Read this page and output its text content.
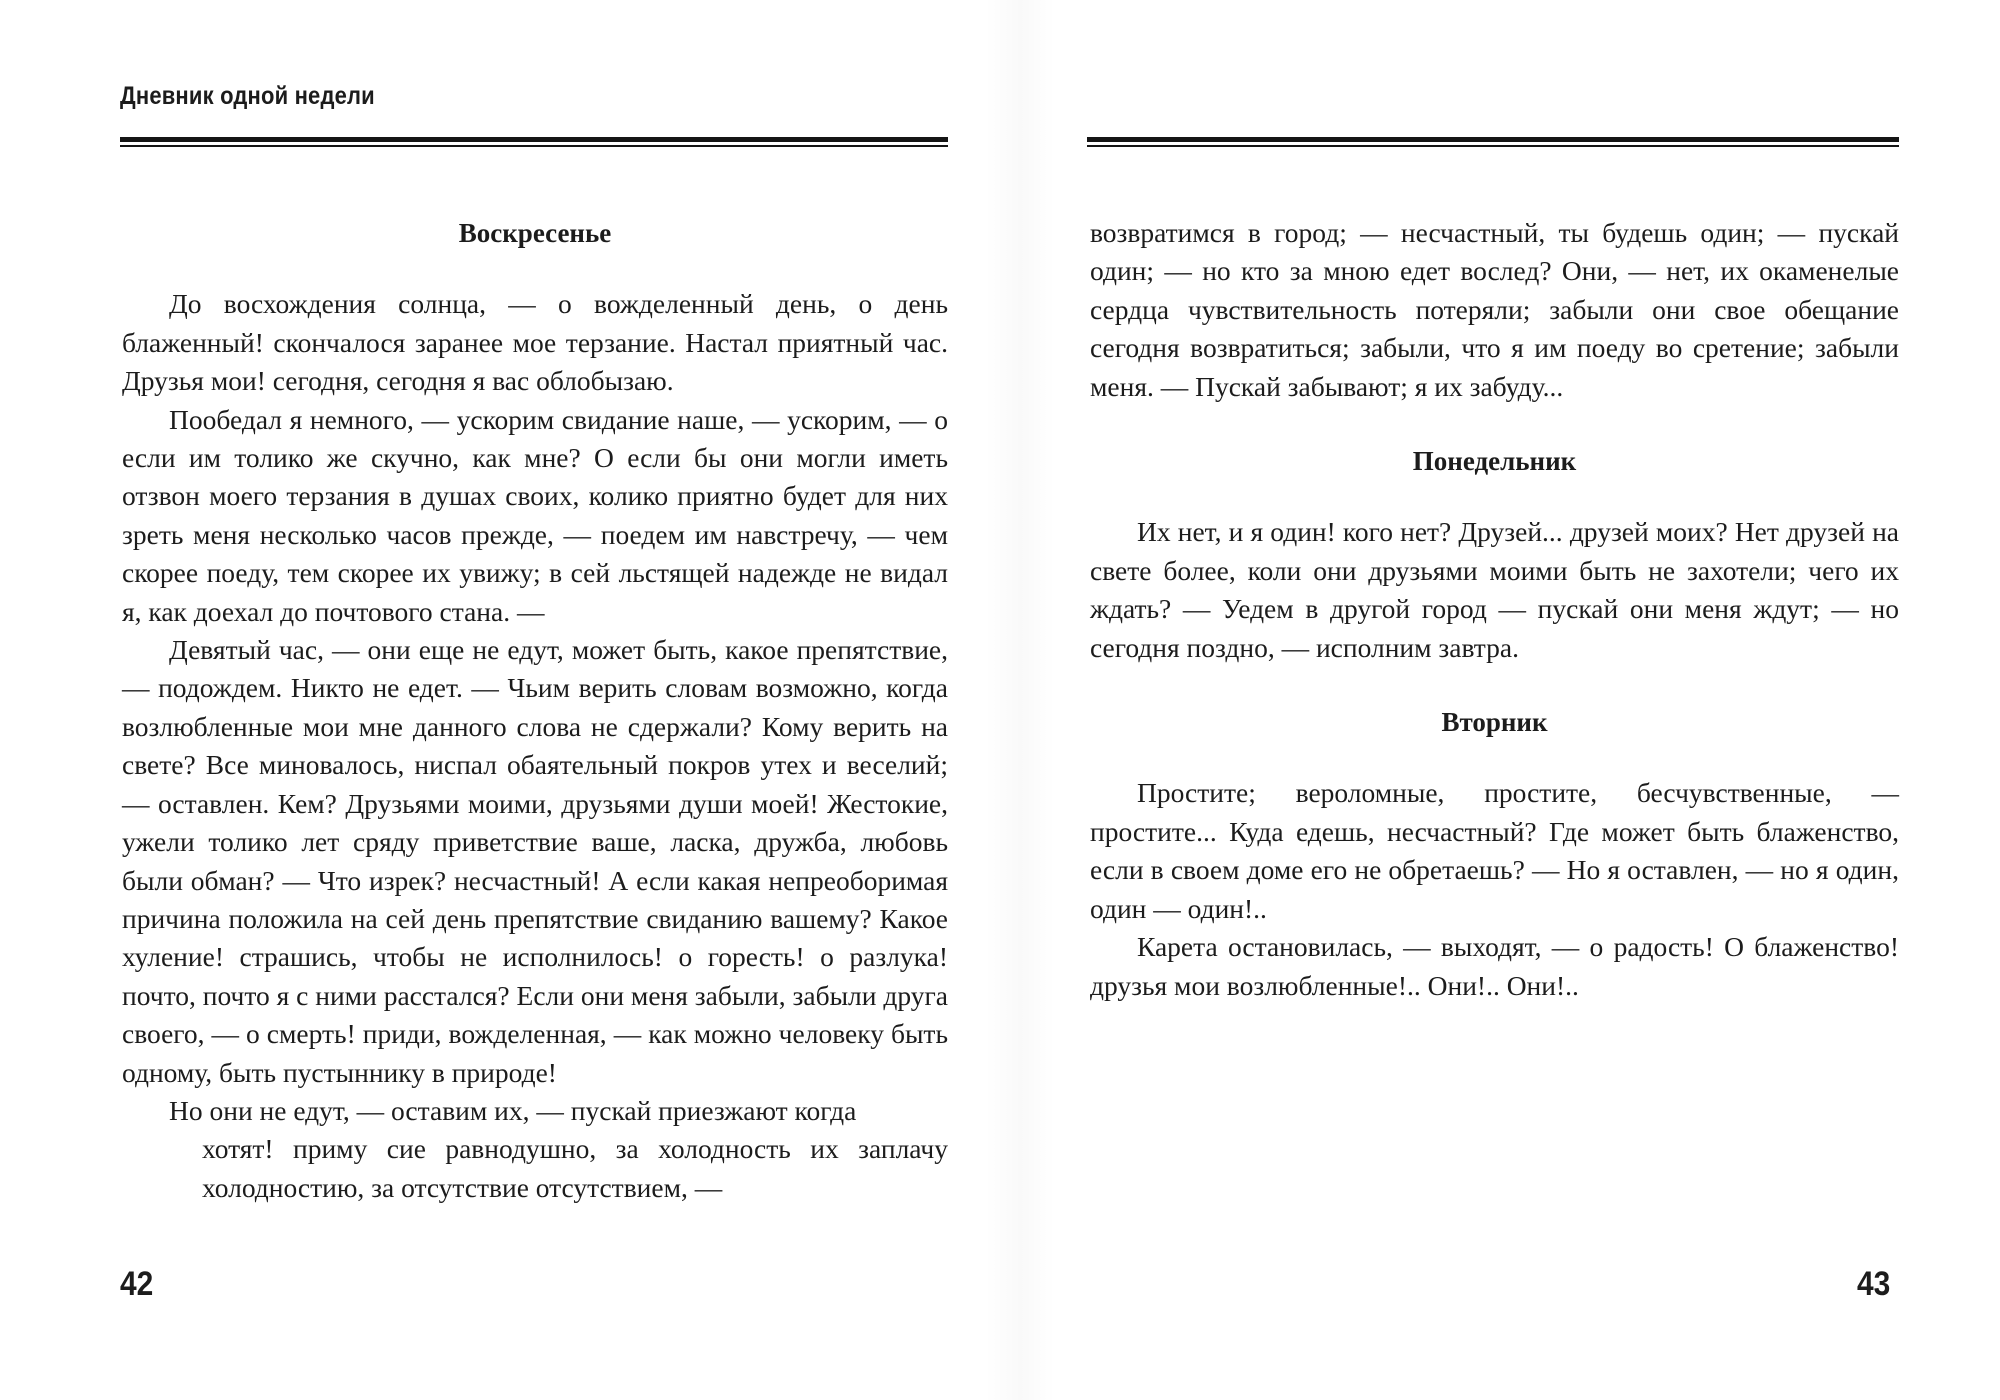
Дневник одной недели
Воскресенье

До восхождения солнца, — о вожделенный день, о день блаженный! скончалося заранее мое терзание. Настал приятный час. Друзья мои! сегодня, сегодня я вас облобызаю.

Пообедал я немного, — ускорим свидание наше, — ускорим, — о если им толико же скучно, как мне? О если бы они могли иметь отзвон моего терзания в душах своих, колико приятно будет для них зреть меня несколько часов прежде, — поедем им навстречу, — чем скорее поеду, тем скорее их увижу; в сей льстящей надежде не видал я, как доехал до почтового стана. —

Девятый час, — они еще не едут, может быть, какое препятствие, — подождем. Никто не едет. — Чьим верить словам возможно, когда возлюбленные мои мне данного слова не сдержали? Кому верить на свете? Все миновалось, ниспал обаятельный покров утех и веселий; — оставлен. Кем? Друзьями моими, друзьями души моей! Жестокие, ужели толико лет сряду приветствие ваше, ласка, дружба, любовь были обман? — Что изрек? несчастный! А если какая непреоборимая причина положила на сей день препятствие свиданию вашему? Какое хуление! страшись, чтобы не исполнилось! о горесть! о разлука! почто, почто я с ними расстался? Если они меня забыли, забыли друга своего, — о смерть! приди, вожделенная, — как можно человеку быть одному, быть пустыннику в природе!

Но они не едут, — оставим их, — пускай приезжают когда

хотят! приму сие равнодушно, за холодность их заплачу холодностию, за отсутствие отсутствием, —

42

возвратимся в город; — несчастный, ты будешь один; — пускай один; — но кто за мною едет вослед? Они, — нет, их окаменелые сердца чувствительность потеряли; забыли они свое обещание сегодня возвратиться; забыли, что я им поеду во сретение; забыли меня. — Пускай забывают; я их забуду...

Понедельник

Их нет, и я один! кого нет? Друзей... друзей моих? Нет друзей на свете более, коли они друзьями моими быть не захотели; чего их ждать? — Уедем в другой город — пускай они меня ждут; — но сегодня поздно, — исполним завтра.

Вторник

Простите; вероломные, простите, бесчувственные, — простите... Куда едешь, несчастный? Где может быть блаженство, если в своем доме его не обретаешь? — Но я оставлен, — но я один, один — один!..

Карета остановилась, — выходят, — о радость! О блаженство! друзья мои возлюбленные!.. Они!.. Они!..

43
